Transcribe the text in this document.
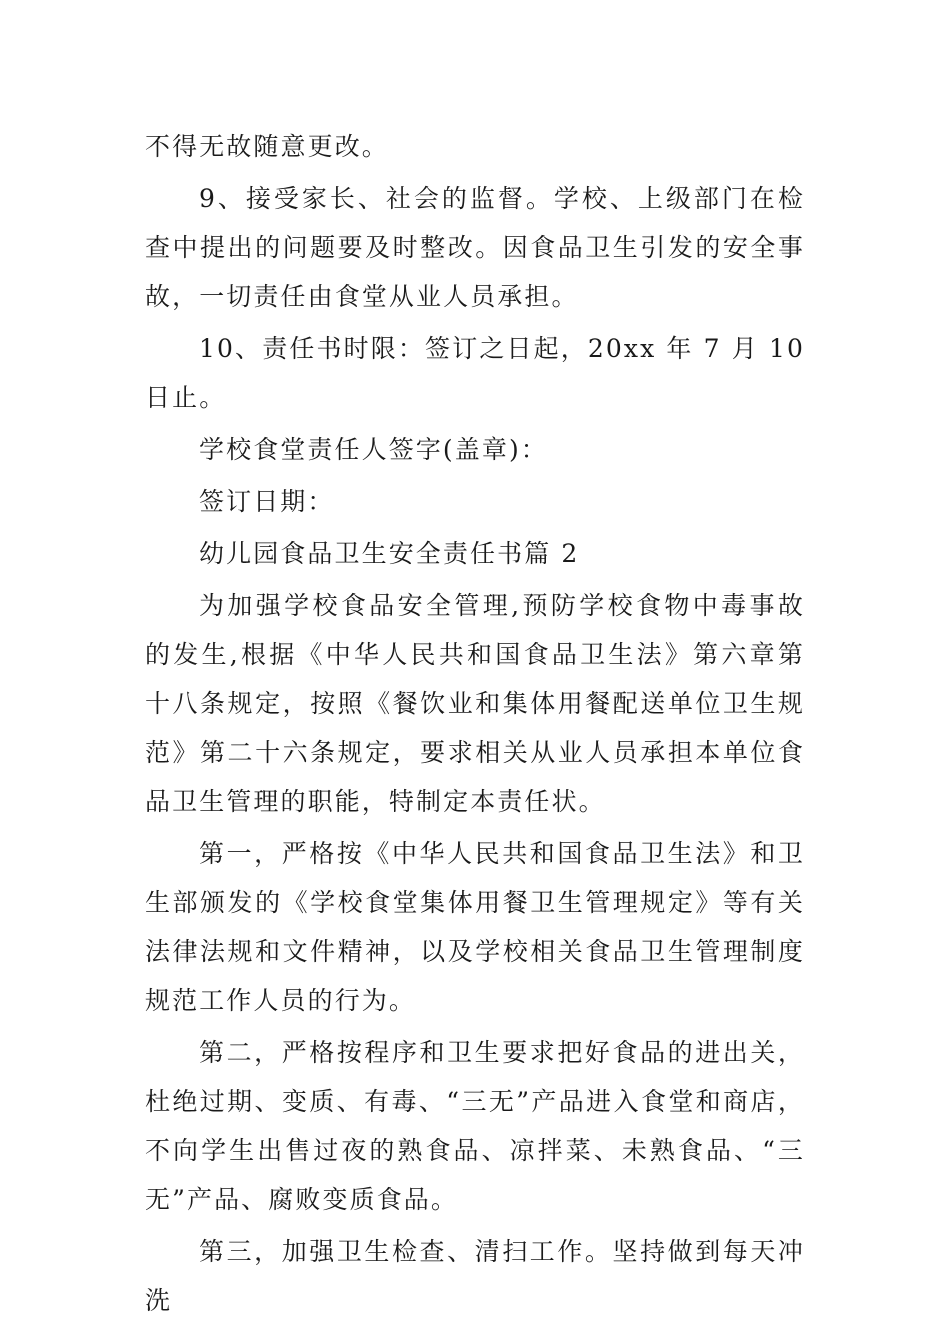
不得无故随意更改。

9、接受家长、社会的监督。学校、上级部门在检查中提出的问题要及时整改。因食品卫生引发的安全事故，一切责任由食堂从业人员承担。

10、责任书时限：签订之日起，20xx 年 7 月 10 日止。

学校食堂责任人签字(盖章)：

签订日期：

幼儿园食品卫生安全责任书篇 2

为加强学校食品安全管理,预防学校食物中毒事故的发生,根据《中华人民共和国食品卫生法》第六章第十八条规定，按照《餐饮业和集体用餐配送单位卫生规范》第二十六条规定，要求相关从业人员承担本单位食品卫生管理的职能，特制定本责任状。

第一，严格按《中华人民共和国食品卫生法》和卫生部颁发的《学校食堂集体用餐卫生管理规定》等有关法律法规和文件精神，以及学校相关食品卫生管理制度规范工作人员的行为。

第二，严格按程序和卫生要求把好食品的进出关，杜绝过期、变质、有毒、“三无”产品进入食堂和商店，不向学生出售过夜的熟食品、凉拌菜、未熟食品、“三无”产品、腐败变质食品。

第三，加强卫生检查、清扫工作。坚持做到每天冲洗
